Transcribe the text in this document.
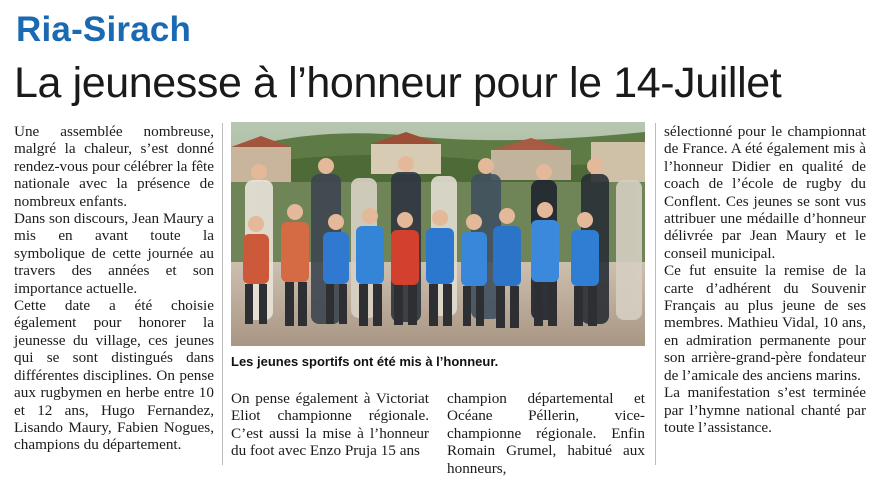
Ria-Sirach
La jeunesse à l’honneur pour le 14-Juillet

Une assemblée nombreuse, malgré la chaleur, s’est donné rendez-vous pour célébrer la fête nationale avec la présence de nombreux enfants.

Dans son discours, Jean Maury a mis en avant toute la symbolique de cette journée au travers des années et son importance actuelle.

Cette date a été choisie également pour honorer la jeunesse du village, ces jeunes qui se sont distingués dans différentes disciplines. On pense aux rugbymen en herbe entre 10 et 12 ans, Hugo Fernandez, Lisando Maury, Fabien Nogues, champions du département.

Les jeunes sportifs ont été mis à l’honneur.

On pense également à Victoriat Eliot championne régionale. C’est aussi la mise à l’honneur du foot avec Enzo Pruja 15 ans

champion départemental et Océane Péllerin, vice-championne régionale. Enfin Romain Grumel, habitué aux honneurs,

sélectionné pour le championnat de France. A été également mis à l’honneur Didier en qualité de coach de l’école de rugby du Conflent. Ces jeunes se sont vus attribuer une médaille d’honneur délivrée par Jean Maury et le conseil municipal.

Ce fut ensuite la remise de la carte d’adhérent du Souvenir Français au plus jeune de ses membres. Mathieu Vidal, 10 ans, en admiration permanente pour son arrière-grand-père fondateur de l’amicale des anciens marins.

La manifestation s’est terminée par l’hymne national chanté par toute l’assistance.
